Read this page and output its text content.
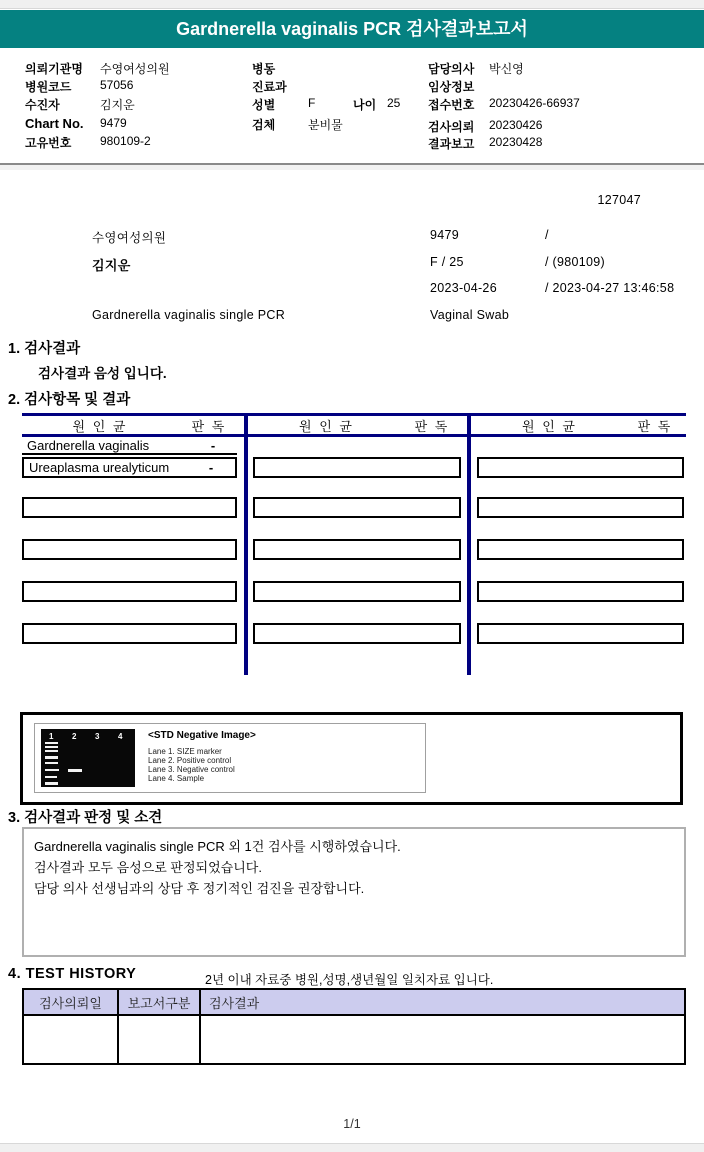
Gardnerella vaginalis PCR 검사결과보고서
의뢰기관명 수영여성의원
병원코드 57056
수진자	김지운
Chart No. 9479
고유번호 980109-2
병동
진료과
성별	F	나이 25
검체	분비물
담당의사 박신영
임상정보
접수번호 20230426-66937
검사의뢰 20230426
결과보고 20230428
127047
수영여성의원	9479	/
김지운	F / 25	/ (980109)
2023-04-26	/ 2023-04-27 13:46:58
Gardnerella vaginalis single PCR	Vaginal Swab
1. 검사결과
검사결과 음성 입니다.
2. 검사항목 및 결과
원 인 균	판 독	원 인 균	판 독	원 인 균	판 독
Gardnerella vaginalis	-
Ureaplasma urealyticum	-
1 2 3 4	<STD Negative Image>
Lane 1. SIZE marker
Lane 2. Positive control
Lane 3. Negative control
Lane 4. Sample
3. 검사결과 판정 및 소견
Gardnerella vaginalis single PCR 외 1건 검사를 시행하였습니다.
검사결과 모두 음성으로 판정되었습니다.
담당 의사 선생님과의 상담 후 정기적인 검진을 권장합니다.
4. TEST HISTORY	2년 이내 자료중 병원,성명,생년월일 일치자료 입니다.
검사의뢰일	보고서구분	검사결과
1/1
